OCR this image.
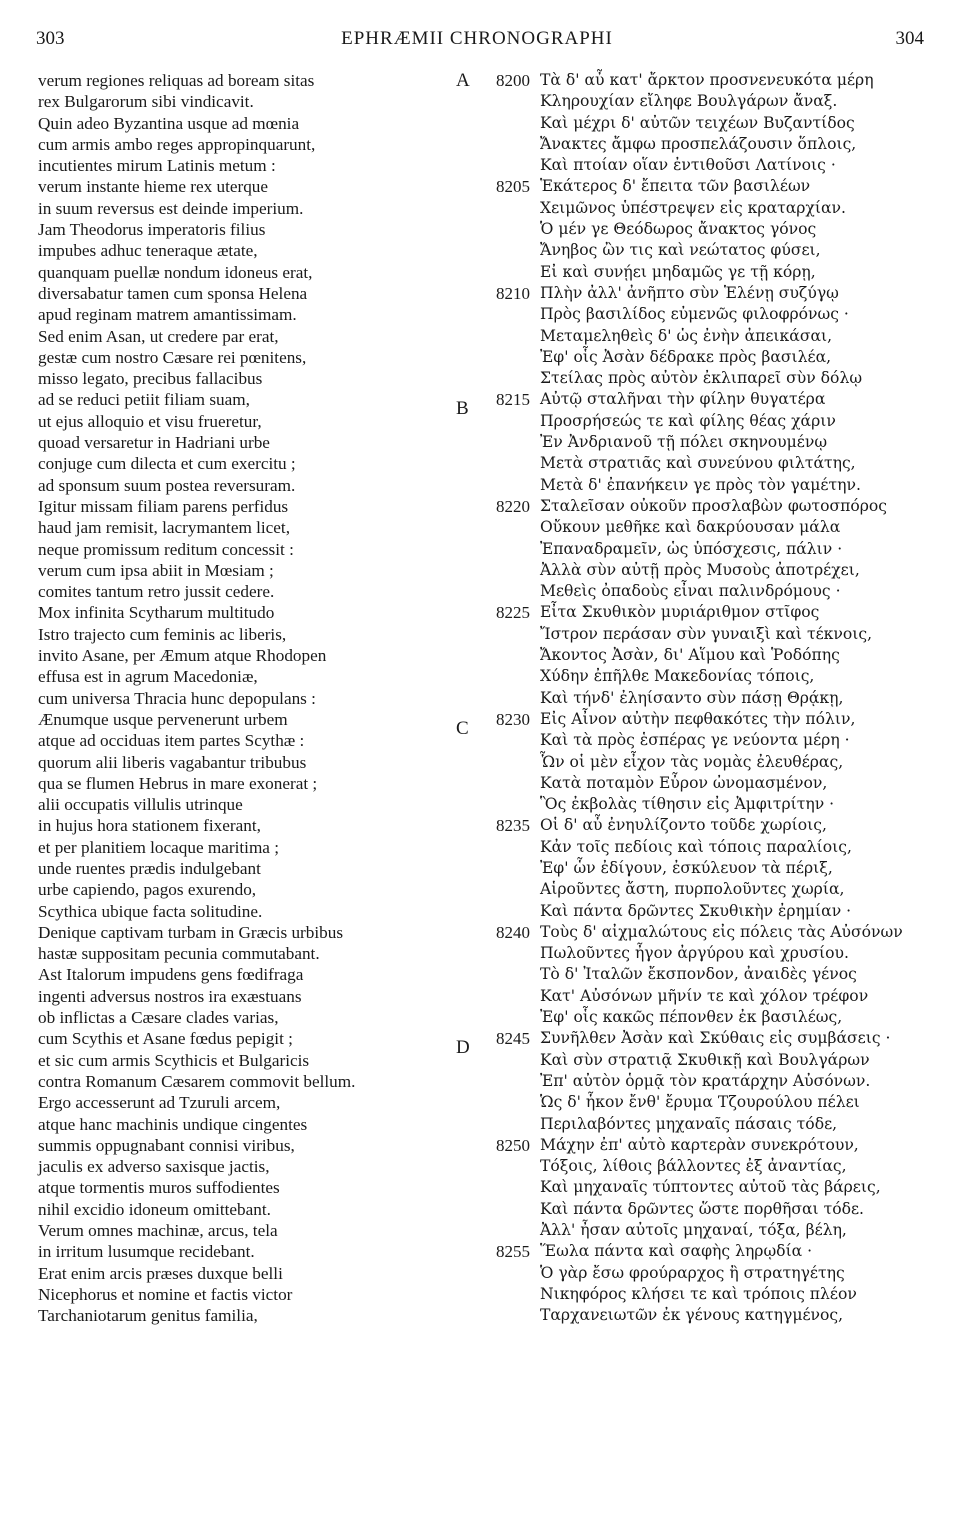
303	EPHRÆMII CHRONOGRAPHI	304
verum regiones reliquas ad boream sitas
rex Bulgarorum sibi vindicavit.
Quin adeo Byzantina usque ad mœnia
cum armis ambo reges appropinquarunt,
incutientes mirum Latinis metum :
verum instante hieme rex uterque
in suum reversus est deinde imperium.
Jam Theodorus imperatoris filius
impubes adhuc teneraque ætate,
quanquam puellæ nondum idoneus erat,
diversabatur tamen cum sponsa Helena
apud reginam matrem amantissimam.
Sed enim Asan, ut credere par erat,
gestæ cum nostro Cæsare rei pœnitens,
misso legato, precibus fallacibus
ad se reduci petiit filiam suam,
ut ejus alloquio et visu frueretur,
quoad versaretur in Hadriani urbe
conjuge cum dilecta et cum exercitu ;
ad sponsum suum postea reversuram.
Igitur missam filiam parens perfidus
haud jam remisit, lacrymantem licet,
neque promissum reditum concessit :
verum cum ipsa abiit in Mœsiam ;
comites tantum retro jussit cedere.
Mox infinita Scytharum multitudo
Istro trajecto cum feminis ac liberis,
invito Asane, per Æmum atque Rhodopen
effusa est in agrum Macedoniæ,
cum universa Thracia hunc depopulans :
Ænumque usque pervenerunt urbem
atque ad occiduas item partes Scythæ :
quorum alii liberis vagabantur tribubus
qua se flumen Hebrus in mare exonerat ;
alii occupatis villulis utrinque
in hujus hora stationem fixerant,
et per planitiem locaque maritima ;
unde ruentes prædis indulgebant
urbe capiendo, pagos exurendo,
Scythica ubique facta solitudine.
Denique captivam turbam in Græcis urbibus
hastæ suppositam pecunia commutabant.
Ast Italorum impudens gens fœdifraga
ingenti adversus nostros ira exæstuans
ob inflictas a Cæsare clades varias,
cum Scythis et Asane fœdus pepigit ;
et sic cum armis Scythicis et Bulgaricis
contra Romanum Cæsarem commovit bellum.
Ergo accesserunt ad Tzuruli arcem,
atque hanc machinis undique cingentes
summis oppugnabant connisi viribus,
jaculis ex adverso saxisque jactis,
atque tormentis muros suffodientes
nihil excidio idoneum omittebant.
Verum omnes machinæ, arcus, tela
in irritum lusumque recidebant.
Erat enim arcis præses duxque belli
Nicephorus et nomine et factis victor
Tarchaniotarum genitus familia,
A 8200
8205
8210
B 8215
8220
8225
C 8230
8235
8240
D 8245
8250
8255
Τὰ δ' αὖ κατ' ἄρκτον προσνενευκότα μέρη
Κληρουχίαν εἴληφε Βουλγάρων ἄναξ.
Καὶ μέχρι δ' αὐτῶν τειχέων Βυζαντίδος
Ἄνακτες ἄμφω προσπελάζουσιν ὅπλοις,
Καὶ πτοίαν οἵαν ἐντιθοῦσι Λατίνοις ·
Ἑκάτερος δ' ἔπειτα τῶν βασιλέων
Χειμῶνος ὑπέστρεψεν εἰς κραταρχίαν.
Ὁ μέν γε Θεόδωρος ἄνακτος γόνος
Ἄνηβος ὢν τις καὶ νεώτατος φύσει,
Εἰ καὶ συνῄει μηδαμῶς γε τῇ κόρῃ,
Πλὴν ἀλλ' ἀνῆπτο σὺν Ἑλένῃ συζύγῳ
Πρὸς βασιλίδος εὐμενῶς φιλοφρόνως ·
Μεταμεληθεὶς δ' ὡς ἐνὴν ἀπεικάσαι,
Ἐφ' οἷς Ἀσὰν δέδρακε πρὸς βασιλέα,
Στείλας πρὸς αὐτὸν ἐκλιπαρεῖ σὺν δόλῳ
Αὐτῷ σταλῆναι τὴν φίλην θυγατέρα
Προσρήσεώς τε καὶ φίλης θέας χάριν
Ἐν Ἀνδριανοῦ τῇ πόλει σκηνουμένῳ
Μετὰ στρατιᾶς καὶ συνεύνου φιλτάτης,
Μετὰ δ' ἐπανήκειν γε πρὸς τὸν γαμέτην.
Σταλεῖσαν οὐκοῦν προσλαβὼν φωτοσπόρος
Οὔκουν μεθῆκε καὶ δακρύουσαν μάλα
Ἐπαναδραμεῖν, ὡς ὑπόσχεσις, πάλιν ·
Ἀλλὰ σὺν αὐτῇ πρὸς Μυσοὺς ἀποτρέχει,
Μεθεὶς ὀπαδοὺς εἶναι παλινδρόμους ·
Εἶτα Σκυθικὸν μυριάριθμον στῖφος
Ἴστρον περάσαν σὺν γυναιξὶ καὶ τέκνοις,
Ἄκοντος Ἀσὰν, δι' Αἵμου καὶ Ῥοδόπης
Χύδην ἐπῆλθε Μακεδονίας τόποις,
Καὶ τήνδ' ἐληίσαντο σὺν πάσῃ Θρᾴκῃ,
Εἰς Αἶνον αὐτὴν πεφθακότες τὴν πόλιν,
Καὶ τὰ πρὸς ἑσπέρας γε νεύοντα μέρη ·
Ὧν οἱ μὲν εἶχον τὰς νομὰς ἐλευθέρας,
Κατὰ ποταμὸν Εὖρον ὠνομασμένον,
Ὃς ἐκβολὰς τίθησιν εἰς Ἀμφιτρίτην ·
Οἱ δ' αὖ ἐνηυλίζοντο τοῦδε χωρίοις,
Κἀν τοῖς πεδίοις καὶ τόποις παραλίοις,
Ἐφ' ὧν ἐδίγουν, ἐσκύλευον τὰ πέριξ,
Αἱροῦντες ἄστη, πυρπολοῦντες χωρία,
Καὶ πάντα δρῶντες Σκυθικὴν ἐρημίαν ·
Τοὺς δ' αἰχμαλώτους εἰς πόλεις τὰς Αὐσόνων
Πωλοῦντες ἦγον ἀργύρου καὶ χρυσίου.
Τὸ δ' Ἰταλῶν ἔκσπονδον, ἀναιδὲς γένος
Κατ' Αὐσόνων μῆνίν τε καὶ χόλον τρέφον
Ἐφ' οἷς κακῶς πέπονθεν ἐκ βασιλέως,
Συνῆλθεν Ἀσὰν καὶ Σκύθαις εἰς συμβάσεις ·
Καὶ σὺν στρατιᾷ Σκυθικῇ καὶ Βουλγάρων
Ἐπ' αὐτὸν ὁρμᾷ τὸν κρατάρχην Αὐσόνων.
Ὡς δ' ἧκον ἔνθ' ἔρυμα Τζουρούλου πέλει
Περιλαβόντες μηχαναῖς πάσαις τόδε,
Μάχην ἐπ' αὐτὸ καρτερὰν συνεκρότουν,
Τόξοις, λίθοις βάλλοντες ἐξ ἀναντίας,
Καὶ μηχαναῖς τύπτοντες αὐτοῦ τὰς βάρεις,
Καὶ πάντα δρῶντες ὥστε πορθῆσαι τόδε.
Ἀλλ' ἦσαν αὐτοῖς μηχαναί, τόξα, βέλη,
Ἕωλα πάντα καὶ σαφὴς ληρῳδία ·
Ὁ γὰρ ἔσω φρούραρχος ἢ στρατηγέτης
Νικηφόρος κλήσει τε καὶ τρόποις πλέον
Ταρχανειωτῶν ἐκ γένους κατηγμένος,
